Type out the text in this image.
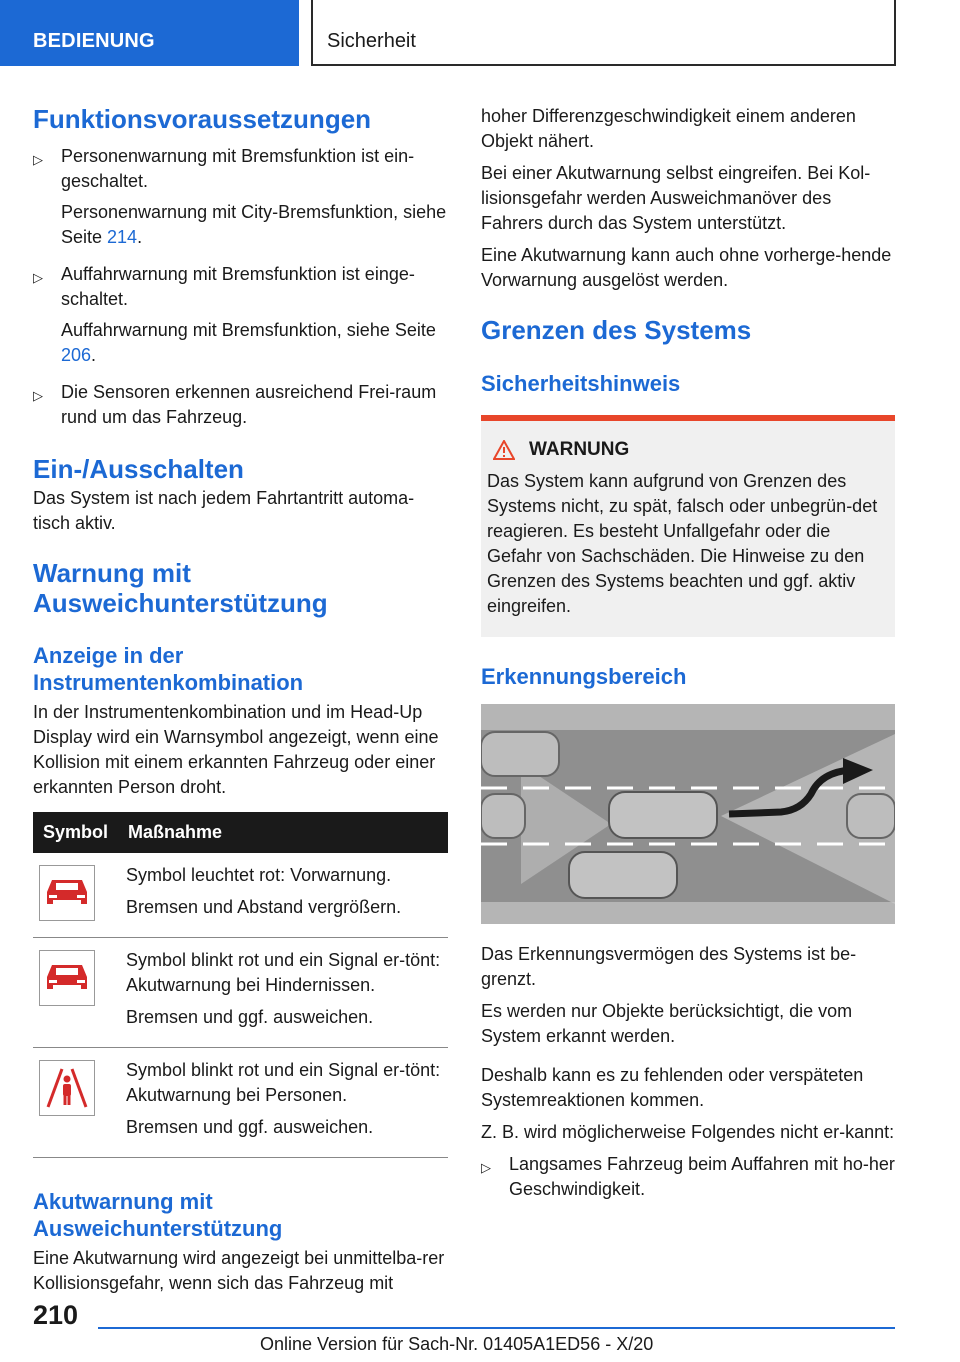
BEDIENUNG	Sicherheit
Funktionsvoraussetzungen
▷ Personenwarnung mit Bremsfunktion ist ein-geschaltet.

Personenwarnung mit City-Bremsfunktion, siehe Seite 214.

▷ Auffahrwarnung mit Bremsfunktion ist einge-schaltet.

Auffahrwarnung mit Bremsfunktion, siehe Seite 206.

▷ Die Sensoren erkennen ausreichend Frei-raum rund um das Fahrzeug.
Ein-/Ausschalten

Das System ist nach jedem Fahrtantritt automa-tisch aktiv.

Warnung mit Ausweichunterstützung
Anzeige in der Instrumentenkombination

In der Instrumentenkombination und im Head-Up Display wird ein Warnsymbol angezeigt, wenn eine Kollision mit einem erkannten Fahrzeug oder einer erkannten Person droht.

Symbol	Maßnahme

Symbol leuchtet rot: Vorwarnung.

Bremsen und Abstand vergrößern.

Symbol blinkt rot und ein Signal er-tönt: Akutwarnung bei Hindernissen.

Bremsen und ggf. ausweichen.

Symbol blinkt rot und ein Signal er-tönt: Akutwarnung bei Personen.

Bremsen und ggf. ausweichen.

Akutwarnung mit Ausweichunterstützung

Eine Akutwarnung wird angezeigt bei unmittelba-rer Kollisionsgefahr, wenn sich das Fahrzeug mit

hoher Differenzgeschwindigkeit einem anderen Objekt nähert.

Bei einer Akutwarnung selbst eingreifen. Bei Kol-lisionsgefahr werden Ausweichmanöver des Fahrers durch das System unterstützt.

Eine Akutwarnung kann auch ohne vorherge-hende Vorwarnung ausgelöst werden.

Grenzen des Systems
Sicherheitshinweis
WARNUNG

Das System kann aufgrund von Grenzen des Systems nicht, zu spät, falsch oder unbegrün-det reagieren. Es besteht Unfallgefahr oder die Gefahr von Sachschäden. Die Hinweise zu den Grenzen des Systems beachten und ggf. aktiv eingreifen.

Erkennungsbereich

Das Erkennungsvermögen des Systems ist be-grenzt.

Es werden nur Objekte berücksichtigt, die vom System erkannt werden.

Deshalb kann es zu fehlenden oder verspäteten Systemreaktionen kommen.

Z. B. wird möglicherweise Folgendes nicht er-kannt:

▷ Langsames Fahrzeug beim Auffahren mit ho-her Geschwindigkeit.
210
Online Version für Sach-Nr. 01405A1ED56 - X/20
